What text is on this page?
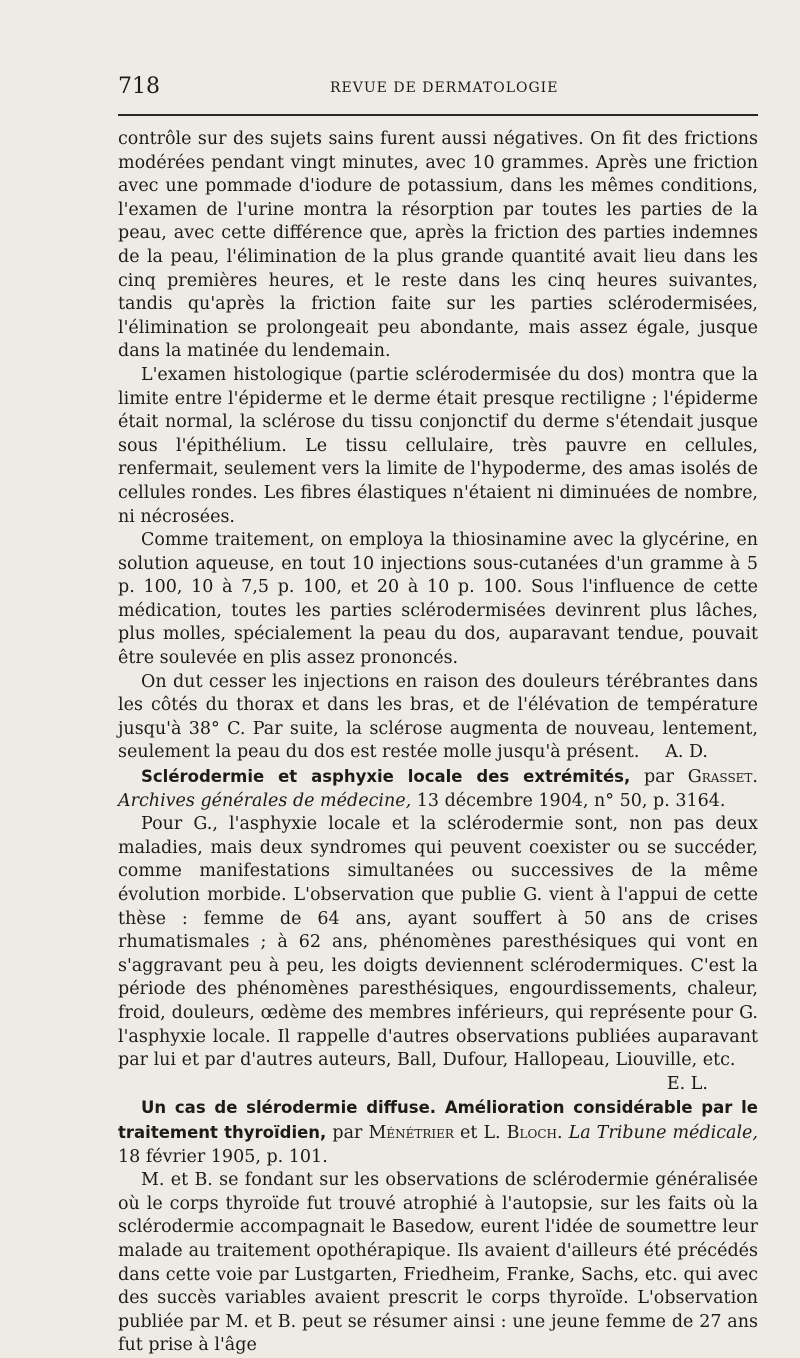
718	REVUE DE DERMATOLOGIE

contrôle sur des sujets sains furent aussi négatives. On fit des frictions modérées pendant vingt minutes, avec 10 grammes. Après une friction avec une pommade d'iodure de potassium, dans les mêmes conditions, l'examen de l'urine montra la résorption par toutes les parties de la peau, avec cette différence que, après la friction des parties indemnes de la peau, l'élimination de la plus grande quantité avait lieu dans les cinq premières heures, et le reste dans les cinq heures suivantes, tandis qu'après la friction faite sur les parties sclérodermisées, l'élimination se prolongeait peu abondante, mais assez égale, jusque dans la matinée du lendemain.

L'examen histologique (partie sclérodermisée du dos) montra que la limite entre l'épiderme et le derme était presque rectiligne ; l'épiderme était normal, la sclérose du tissu conjonctif du derme s'étendait jusque sous l'épithélium. Le tissu cellulaire, très pauvre en cellules, renfermait, seulement vers la limite de l'hypoderme, des amas isolés de cellules rondes. Les fibres élastiques n'étaient ni diminuées de nombre, ni nécrosées.

Comme traitement, on employa la thiosinamine avec la glycérine, en solution aqueuse, en tout 10 injections sous-cutanées d'un gramme à 5 p. 100, 10 à 7,5 p. 100, et 20 à 10 p. 100. Sous l'influence de cette médication, toutes les parties sclérodermisées devinrent plus lâches, plus molles, spécialement la peau du dos, auparavant tendue, pouvait être soulevée en plis assez prononcés.

On dut cesser les injections en raison des douleurs térébrantes dans les côtés du thorax et dans les bras, et de l'élévation de température jusqu'à 38° C. Par suite, la sclérose augmenta de nouveau, lentement, seulement la peau du dos est restée molle jusqu'à présent.	A. D.

Sclérodermie et asphyxie locale des extrémités, par Grasset. Archives générales de médecine, 13 décembre 1904, n° 50, p. 3164.

Pour G., l'asphyxie locale et la sclérodermie sont, non pas deux maladies, mais deux syndromes qui peuvent coexister ou se succéder, comme manifestations simultanées ou successives de la même évolution morbide. L'observation que publie G. vient à l'appui de cette thèse : femme de 64 ans, ayant souffert à 50 ans de crises rhumatismales ; à 62 ans, phénomènes paresthésiques qui vont en s'aggravant peu à peu, les doigts deviennent sclérodermiques. C'est la période des phénomènes paresthésiques, engourdissements, chaleur, froid, douleurs, œdème des membres inférieurs, qui représente pour G. l'asphyxie locale. Il rappelle d'autres observations publiées auparavant par lui et par d'autres auteurs, Ball, Dufour, Hallopeau, Liouville, etc.
E. L.

Un cas de slérodermie diffuse. Amélioration considérable par le traitement thyroïdien, par Ménétrier et L. Bloch. La Tribune médicale, 18 février 1905, p. 101.

M. et B. se fondant sur les observations de sclérodermie généralisée où le corps thyroïde fut trouvé atrophié à l'autopsie, sur les faits où la sclérodermie accompagnait le Basedow, eurent l'idée de soumettre leur malade au traitement opothérapique. Ils avaient d'ailleurs été précédés dans cette voie par Lustgarten, Friedheim, Franke, Sachs, etc. qui avec des succès variables avaient prescrit le corps thyroïde. L'observation publiée par M. et B. peut se résumer ainsi : une jeune femme de 27 ans fut prise à l'âge
